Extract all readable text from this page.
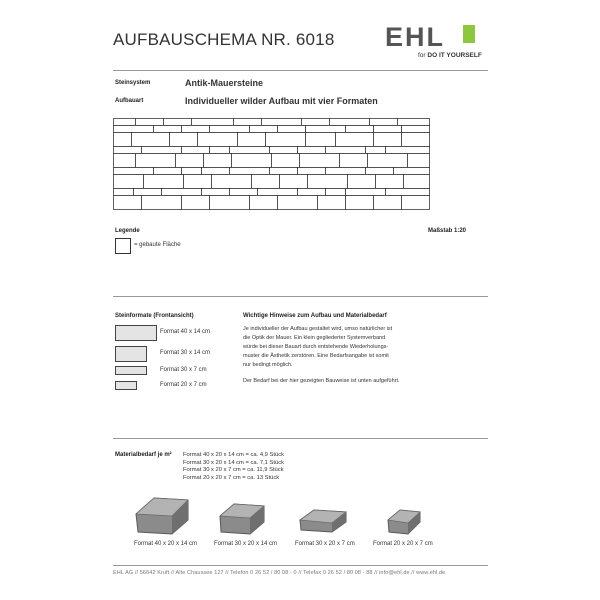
AUFBAUSCHEMA NR. 6018 EHL
for DO IT YOURSELF
Steinsystem	Antik-Mauersteine
Aufbauart	Individueller wilder Aufbau mit vier Formaten
Legende	Maßstab 1:20
= gebaute Fläche
Steinformate (Frontansicht)
Format 40 x 14 cm
Format 30 x 14 cm
Format 30 x 7 cm
Format 20 x 7 cm
Wichtige Hinweise zum Aufbau und Materialbedarf
Je individueller der Aufbau gestaltet wird, umso natürlicher ist
die Optik der Mauer. Ein klein gegliederter Systemverband
würde bei dieser Bauart durch entstehende Wiederholungs-
muster die Ästhetik zerstören. Eine Bedarfsangabe ist somit
nur bedingt möglich.
Der Bedarf bei der hier gezeigten Bauweise ist unten aufgeführt.
Materialbedarf je m² Format 40 x 20 x 14 cm = ca. 4,9 Stück
Format 30 x 20 x 14 cm = ca. 7,1 Stück
Format 30 x 20 x 7 cm = ca. 11,9 Stück
Format 20 x 20 x 7 cm = ca. 13 Stück
Format 40 x 20 x 14 cm	Format 30 x 20 x 14 cm	Format 30 x 20 x 7 cm	Format 20 x 20 x 7 cm
EHL AG // 56642 Kruft // Alte Chaussee 127 // Telefon 0 26 52 / 80 08 - 0 // Telefax 0 26 52 / 80 08 - 88 // info@ehl.de // www.ehl.de
